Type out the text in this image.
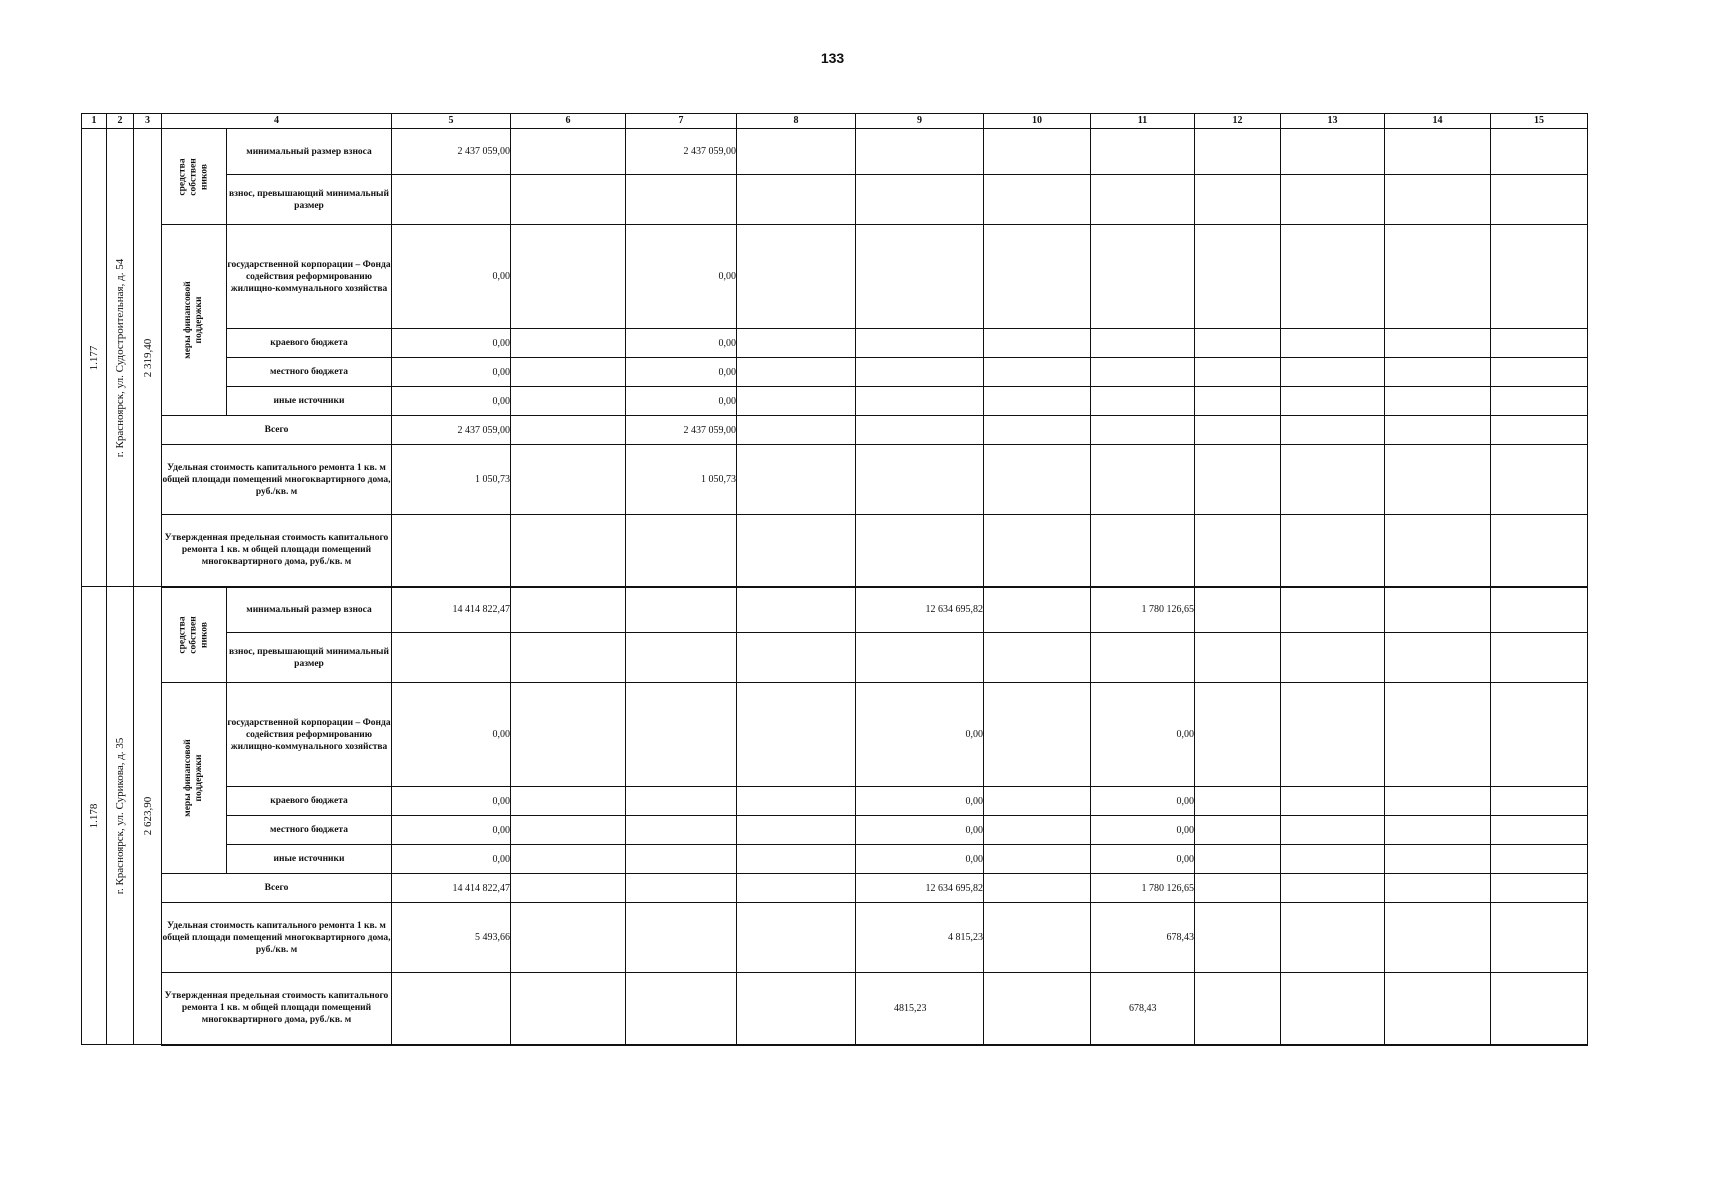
133
1	2	3	4		5	6	7	8	9	10	11	12	13	14	15

1.177	г. Красноярск, ул. Судостроительная, д. 54	2 319,40	средства собствен ников	минимальный размер взноса	2 437 059,00		2 437 059,00								
				взнос, превышающий минимальный размер											

			меры финансовой поддержки	государственной корпорации – Фонда содействия реформированию жилищно-коммунального хозяйства	0,00		0,00								
				краевого бюджета	0,00		0,00								
				местного бюджета	0,00		0,00								
				иные источники	0,00		0,00								
			Всего		2 437 059,00		2 437 059,00								
			Удельная стоимость капитального ремонта 1 кв. м общей площади помещений многоквартирного дома, руб./кв. м		1 050,73		1 050,73								
			Утвержденная предельная стоимость капитального ремонта 1 кв. м общей площади помещений многоквартирного дома, руб./кв. м												

1.178	г. Красноярск, ул. Сурикова, д. 35	2 623,90	средства собствен ников	минимальный размер взноса	14 414 822,47				12 634 695,82		1 780 126,65				
				взнос, превышающий минимальный размер											

			меры финансовой поддержки	государственной корпорации – Фонда содействия реформированию жилищно-коммунального хозяйства	0,00				0,00		0,00				
				краевого бюджета	0,00				0,00		0,00				
				местного бюджета	0,00				0,00		0,00				
				иные источники	0,00				0,00		0,00				
			Всего		14 414 822,47				12 634 695,82		1 780 126,65				
			Удельная стоимость капитального ремонта 1 кв. м общей площади помещений многоквартирного дома, руб./кв. м		5 493,66				4 815,23		678,43				
			Утвержденная предельная стоимость капитального ремонта 1 кв. м общей площади помещений многоквартирного дома, руб./кв. м						4815,23		678,43				
